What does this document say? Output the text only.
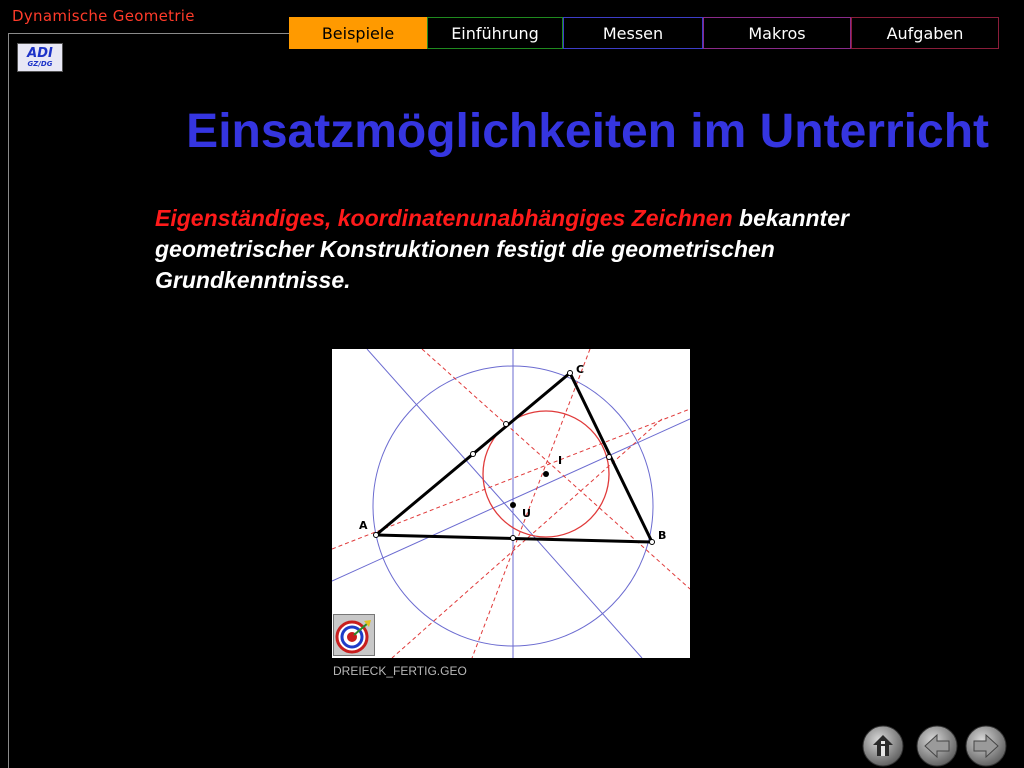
Dynamische Geometrie
ADI
GZ/DG
Beispiele	Einführung	Messen	Makros	Aufgaben
Einsatzmöglichkeiten im Unterricht
Eigenständiges, koordinatenunabhängiges Zeichnen bekannter geometrischer Konstruktionen festigt die geometrischen Grundkenntnisse.
A
C
B
I
U
DREIECK_FERTIG.GEO
